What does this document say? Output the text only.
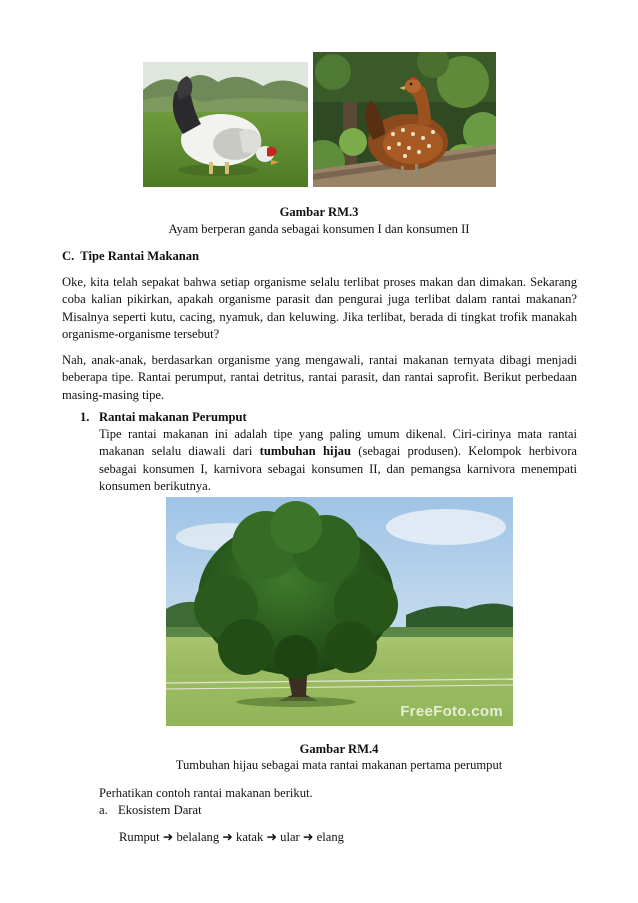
Gambar RM.3
Ayam berperan ganda sebagai konsumen I dan konsumen II
C.  Tipe Rantai Makanan
Oke, kita telah sepakat bahwa setiap organisme selalu terlibat proses makan dan dimakan. Sekarang coba kalian pikirkan, apakah organisme parasit dan pengurai juga terlibat dalam rantai makanan? Misalnya seperti kutu, cacing, nyamuk, dan keluwing. Jika terlibat, berada di tingkat trofik manakah organisme-organisme tersebut?
Nah, anak-anak, berdasarkan organisme yang mengawali, rantai makanan ternyata dibagi menjadi beberapa tipe. Rantai perumput, rantai detritus, rantai parasit, dan rantai saprofit. Berikut perbedaan masing-masing tipe.
1. Rantai makanan Perumput
Tipe rantai makanan ini adalah tipe yang paling umum dikenal. Ciri-cirinya mata rantai makanan selalu diawali dari tumbuhan hijau (sebagai produsen). Kelompok herbivora sebagai konsumen I, karnivora sebagai konsumen II, dan pemangsa karnivora menempati konsumen berikutnya.
FreeFoto.com
Gambar RM.4
Tumbuhan hijau sebagai mata rantai makanan pertama perumput
Perhatikan contoh rantai makanan berikut.
a. Ekosistem Darat
Rumput ➜ belalang ➜ katak ➜ ular ➜ elang
